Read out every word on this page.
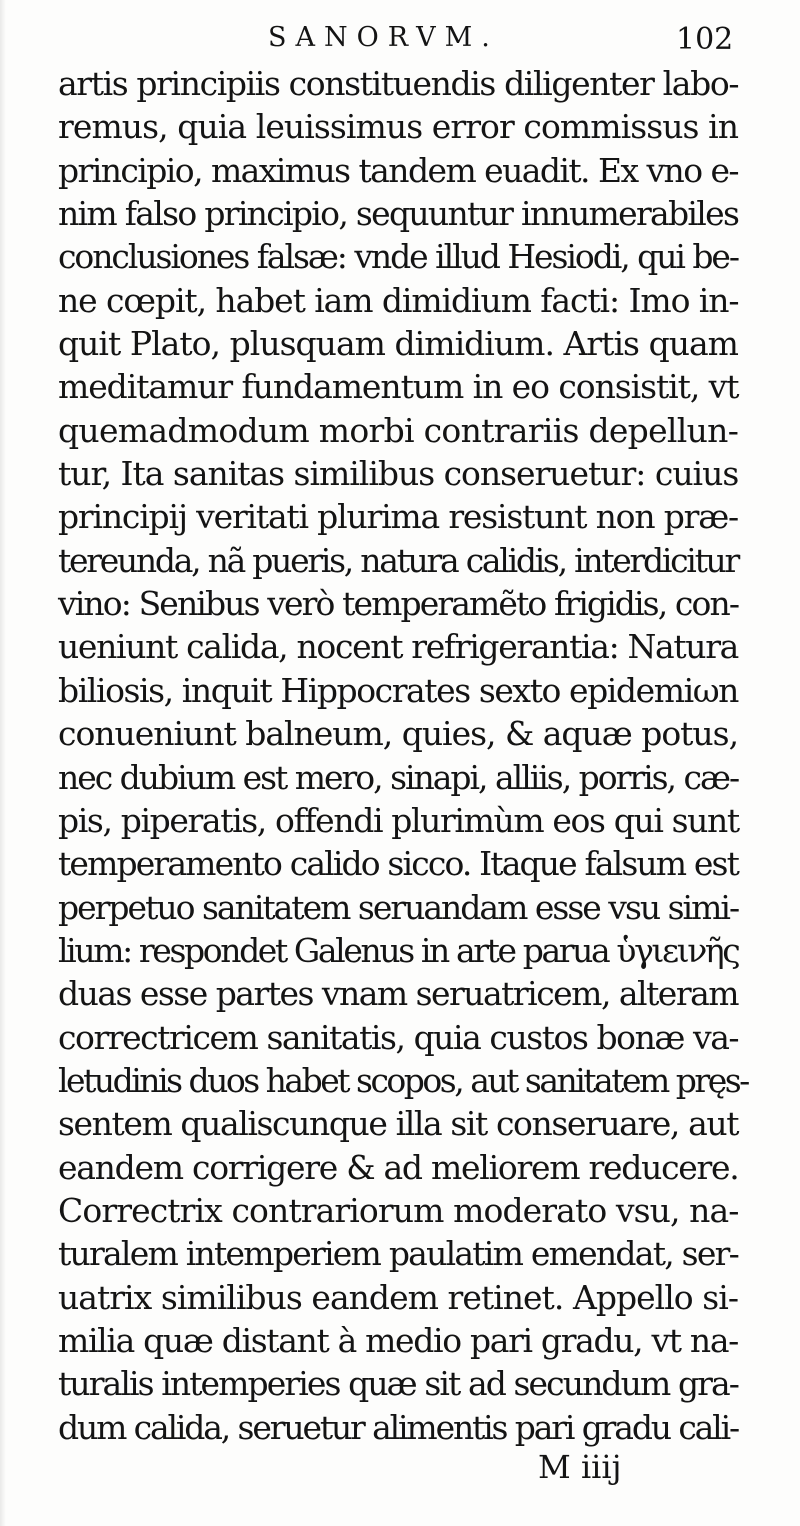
SANORVM.	102
artis principiis constituendis diligenter labo-
remus, quia leuissimus error commissus in
principio, maximus tandem euadit. Ex vno e-
nim falso principio, sequuntur innumerabiles
conclusiones falsæ: vnde illud Hesiodi, qui be-
ne cœpit, habet iam dimidium facti: Imo in-
quit Plato, plusquam dimidium. Artis quam
meditamur fundamentum in eo consistit, vt
quemadmodum morbi contrariis depellun-
tur, Ita sanitas similibus conseruetur: cuius
principij veritati plurima resistunt non præ-
tereunda, nã pueris, natura calidis, interdicitur
vino: Senibus verò temperamẽto frigidis, con-
ueniunt calida, nocent refrigerantia: Natura
biliosis, inquit Hippocrates sexto epidemiωn
conueniunt balneum, quies, & aquæ potus,
nec dubium est mero, sinapi, alliis, porris, cæ-
pis, piperatis, offendi plurimùm eos qui sunt
temperamento calido sicco. Itaque falsum est
perpetuo sanitatem seruandam esse vsu simi-
lium: respondet Galenus in arte parua ὑγιεινῆς
duas esse partes vnam seruatricem, alteram
correctricem sanitatis, quia custos bonæ va-
letudinis duos habet scopos, aut sanitatem pręs-
sentem qualiscunque illa sit conseruare, aut
eandem corrigere & ad meliorem reducere.
Correctrix contrariorum moderato vsu, na-
turalem intemperiem paulatim emendat, ser-
uatrix similibus eandem retinet. Appello si-
milia quæ distant à medio pari gradu, vt na-
turalis intemperies quæ sit ad secundum gra-
dum calida, seruetur alimentis pari gradu cali-
M iiij
